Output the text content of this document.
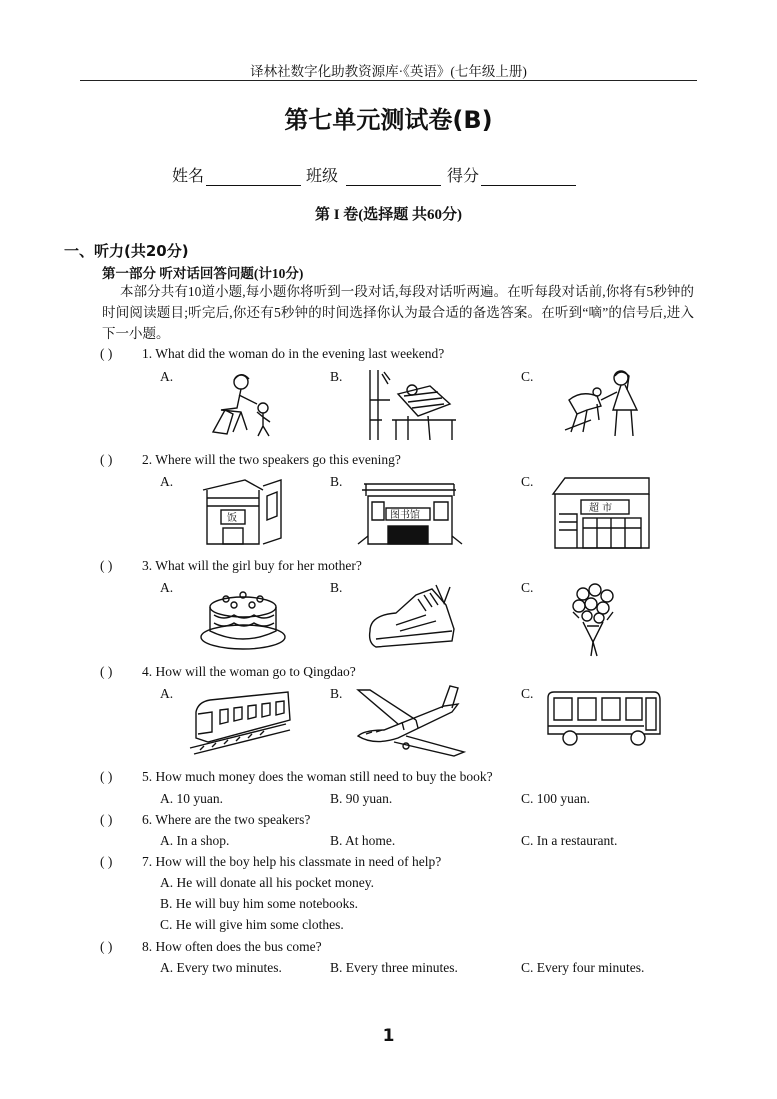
译林社数字化助教资源库·《英语》(七年级上册)
第七单元测试卷(B)
姓名	班级	得分
第 I 卷(选择题 共60分)
一、听力(共20分)
第一部分 听对话回答问题(计10分)
本部分共有10道小题,每小题你将听到一段对话,每段对话听两遍。在听每段对话前,你将有5秒钟的时间阅读题目;听完后,你还有5秒钟的时间选择你认为最合适的备选答案。在听到“嘀”的信号后,进入下一小题。
( ) 1. What did the woman do in the evening last weekend?
A.	B.	C.
( ) 2. Where will the two speakers go this evening?
A.	B.	C.
饭	图书馆
超 市
( ) 3. What will the girl buy for her mother?
A.	B.	C.
( ) 4. How will the woman go to Qingdao?
A.	B.	C.
( ) 5. How much money does the woman still need to buy the book?
A. 10 yuan.	B. 90 yuan.	C. 100 yuan.
( ) 6. Where are the two speakers?
A. In a shop.	B. At home.	C. In a restaurant.
( ) 7. How will the boy help his classmate in need of help?
A. He will donate all his pocket money.
B. He will buy him some notebooks.
C. He will give him some clothes.
( ) 8. How often does the bus come?
A. Every two minutes.	B. Every three minutes.	C. Every four minutes.
1
